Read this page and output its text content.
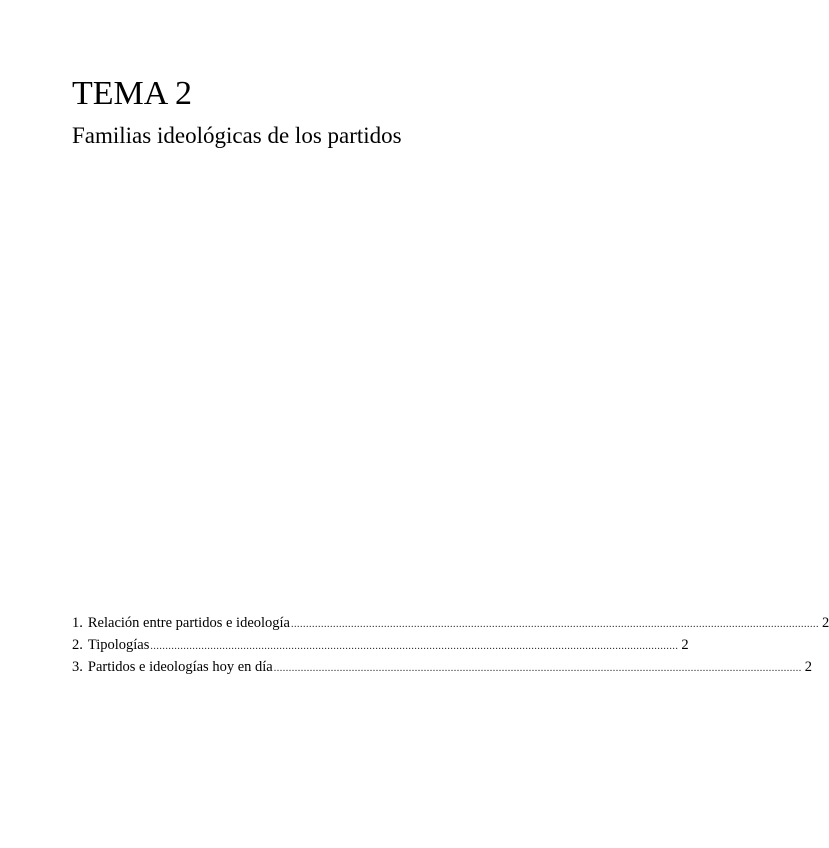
TEMA 2
Familias ideológicas de los partidos
1. Relación entre partidos e ideología ................................................................................................................................................................................ 2
2. Tipologías ................................................................................................................................................................................ 2
3. Partidos e ideologías hoy en día ................................................................................................................................................................................ 2
